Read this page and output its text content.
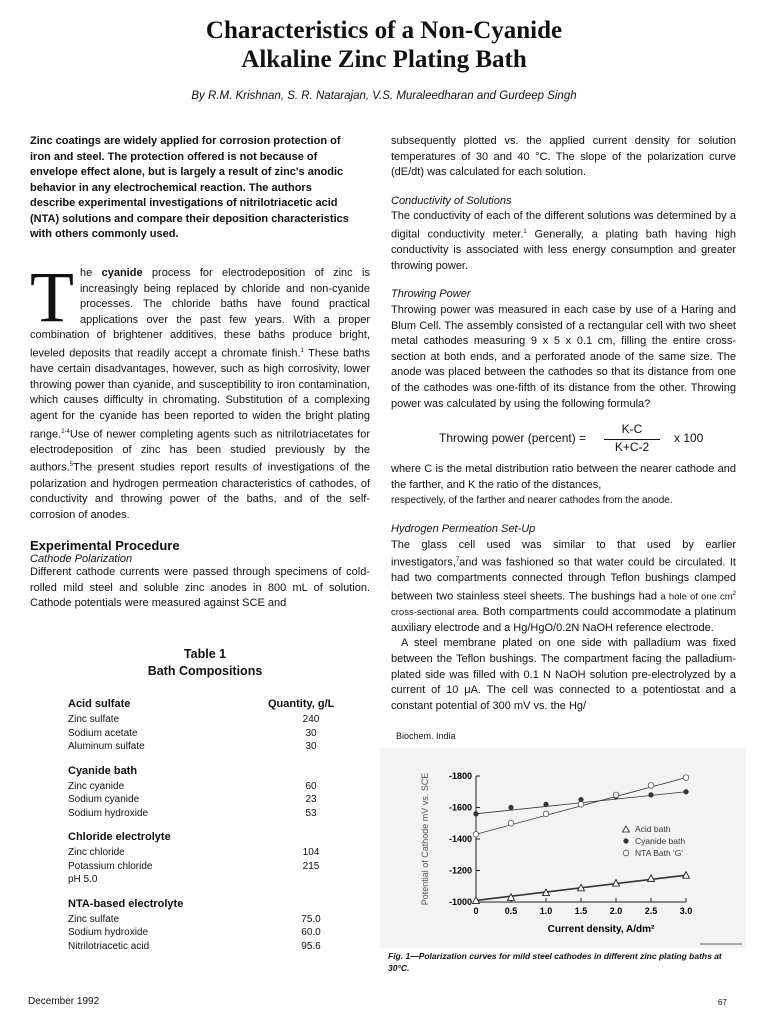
Characteristics of a Non-Cyanide
Alkaline Zinc Plating Bath
By R.M. Krishnan, S. R. Natarajan, V.S. Muraleedharan and Gurdeep Singh
Zinc coatings are widely applied for corrosion protection of iron and steel. The protection offered is not because of envelope effect alone, but is largely a result of zinc's anodic behavior in any electrochemical reaction. The authors describe experimental investigations of nitrilotriacetic acid (NTA) solutions and compare their deposition characteristics with others commonly used.
T he cyanide process for electrodeposition of zinc is increasingly being replaced by chloride and non-cyanide processes. The chloride baths have found practical applications over the past few years. With a proper combination of brightener additives, these baths produce bright, leveled deposits that readily accept a chromate finish.$^1$ These baths have certain disadvantages, however, such as high corrosivity, lower throwing power than cyanide, and susceptibility to iron contamination, which causes difficulty in chromating. Substitution of a complexing agent for the cyanide has been reported to widen the bright plating range.$^{2-4}$Use of newer completing agents such as nitrilotriacetates for electrodeposition of zinc has been studied previously by the authors.$^5$The present studies report results of investigations of the polarization and hydrogen permeation characteristics of cathodes, of conductivity and throwing power of the baths, and of the self-corrosion of anodes.

Experimental Procedure

Cathode Polarization

Different cathode currents were passed through specimens of cold-rolled mild steel and soluble zinc anodes in 800 mL of solution. Cathode potentials were measured against SCE and

Table 1
Bath Compositions
Acid sulfate	Quantity, g/L
Zinc sulfate	240
Sodium acetate	30
Aluminum sulfate	30
Cyanide bath
Zinc cyanide	60
Sodium cyanide	23
Sodium hydroxide	53
Chloride electrolyte
Zinc chloride	104
Potassium chloride	215
pH 5.0
NTA-based electrolyte
Zinc sulfate	75.0
Sodium hydroxide	60.0
Nitrilotriacetic acid	95.6

subsequently plotted vs. the applied current density for solution temperatures of 30 and 40 °C. The slope of the polarization curve (dE/dt) was calculated for each solution.

Conductivity of Solutions

The conductivity of each of the different solutions was determined by a digital conductivity meter.$^1$ Generally, a plating bath having high conductivity is associated with less energy consumption and greater throwing power.

Throwing Power

Throwing power was measured in each case by use of a Haring and Blum Cell. The assembly consisted of a rectangular cell with two sheet metal cathodes measuring 9 x 5 x 0.1 cm, filling the entire cross-section at both ends, and a perforated anode of the same size. The anode was placed between the cathodes so that its distance from one of the cathodes was one-fifth of its distance from the other. Throwing power was calculated by using the following formula?

Throwing power (percent) = $\frac{K-C}{K+C-2}$ x 100

where C is the metal distribution ratio between the nearer cathode and the farther, and K the ratio of the distances,

respectively, of the farther and nearer cathodes from the anode.

Hydrogen Permeation Set-Up

The glass cell used was similar to that used by earlier investigators,$^7$and was fashioned so that water could be circulated. It had two compartments connected through Teflon bushings clamped between two stainless steel sheets. The bushings had a hole of one $cm^2$ cross-sectional area. Both compartments could accommodate a platinum auxiliary electrode and a Hg/HgO/0.2N NaOH reference electrode.

A steel membrane plated on one side with palladium was fixed between the Teflon bushings. The compartment facing the palladium-plated side was filled with 0.1 N NaOH solution pre-electrolyzed by a current of 10 μA. The cell was connected to a potentiostat and a constant potential of 300 mV vs. the Hg/

Biochem. India
-1800
-1600
-1400
-1200
-1000
0	0.5 1.0 1.5 2.0 2.5 3.0
Current density, A/dm²
Potential of Cathode mV vs. SCE	Acid bath
Cyanide bath
NTA Bath 'G'
Fig. 1—Polarization curves for mild steel cathodes in different zinc plating baths at 30°C.
December 1992	67
